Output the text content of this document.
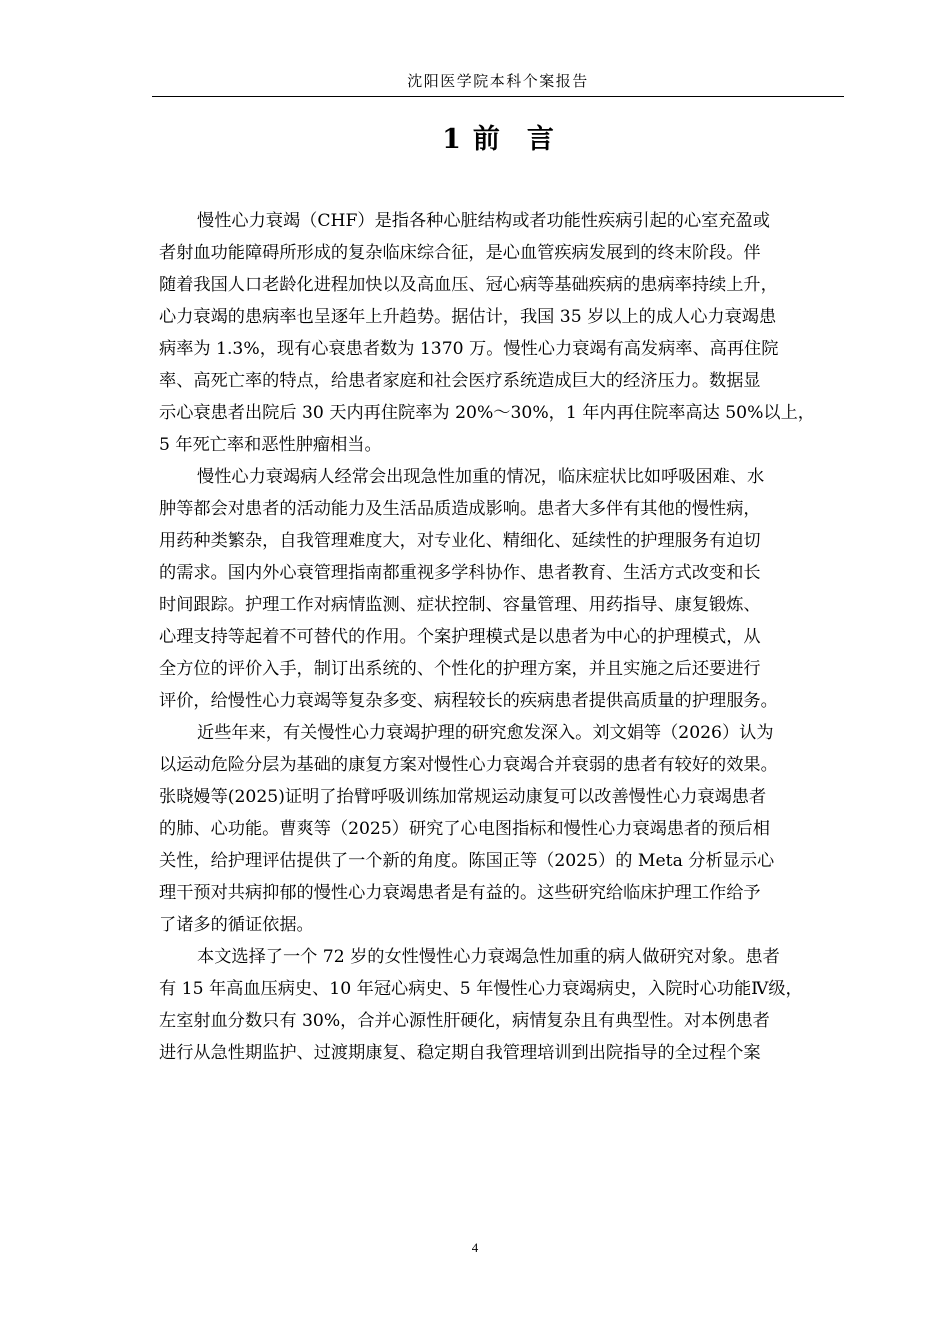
沈阳医学院本科个案报告
1 前 言
慢性心力衰竭（CHF）是指各种心脏结构或者功能性疾病引起的心室充盈或
者射血功能障碍所形成的复杂临床综合征，是心血管疾病发展到的终末阶段。伴
随着我国人口老龄化进程加快以及高血压、冠心病等基础疾病的患病率持续上升，
心力衰竭的患病率也呈逐年上升趋势。据估计，我国 35 岁以上的成人心力衰竭患
病率为 1.3%，现有心衰患者数为 1370 万。慢性心力衰竭有高发病率、高再住院
率、高死亡率的特点，给患者家庭和社会医疗系统造成巨大的经济压力。数据显
示心衰患者出院后 30 天内再住院率为 20%～30%，1 年内再住院率高达 50%以上，
5 年死亡率和恶性肿瘤相当。
慢性心力衰竭病人经常会出现急性加重的情况，临床症状比如呼吸困难、水
肿等都会对患者的活动能力及生活品质造成影响。患者大多伴有其他的慢性病，
用药种类繁杂，自我管理难度大，对专业化、精细化、延续性的护理服务有迫切
的需求。国内外心衰管理指南都重视多学科协作、患者教育、生活方式改变和长
时间跟踪。护理工作对病情监测、症状控制、容量管理、用药指导、康复锻炼、
心理支持等起着不可替代的作用。个案护理模式是以患者为中心的护理模式，从
全方位的评价入手，制订出系统的、个性化的护理方案，并且实施之后还要进行
评价，给慢性心力衰竭等复杂多变、病程较长的疾病患者提供高质量的护理服务。
近些年来，有关慢性心力衰竭护理的研究愈发深入。刘文娟等（2026）认为
以运动危险分层为基础的康复方案对慢性心力衰竭合并衰弱的患者有较好的效果。
张晓嫚等(2025)证明了抬臂呼吸训练加常规运动康复可以改善慢性心力衰竭患者
的肺、心功能。曹爽等（2025）研究了心电图指标和慢性心力衰竭患者的预后相
关性，给护理评估提供了一个新的角度。陈国正等（2025）的 Meta 分析显示心
理干预对共病抑郁的慢性心力衰竭患者是有益的。这些研究给临床护理工作给予
了诸多的循证依据。
本文选择了一个 72 岁的女性慢性心力衰竭急性加重的病人做研究对象。患者
有 15 年高血压病史、10 年冠心病史、5 年慢性心力衰竭病史，入院时心功能Ⅳ级，
左室射血分数只有 30%，合并心源性肝硬化，病情复杂且有典型性。对本例患者
进行从急性期监护、过渡期康复、稳定期自我管理培训到出院指导的全过程个案
4
